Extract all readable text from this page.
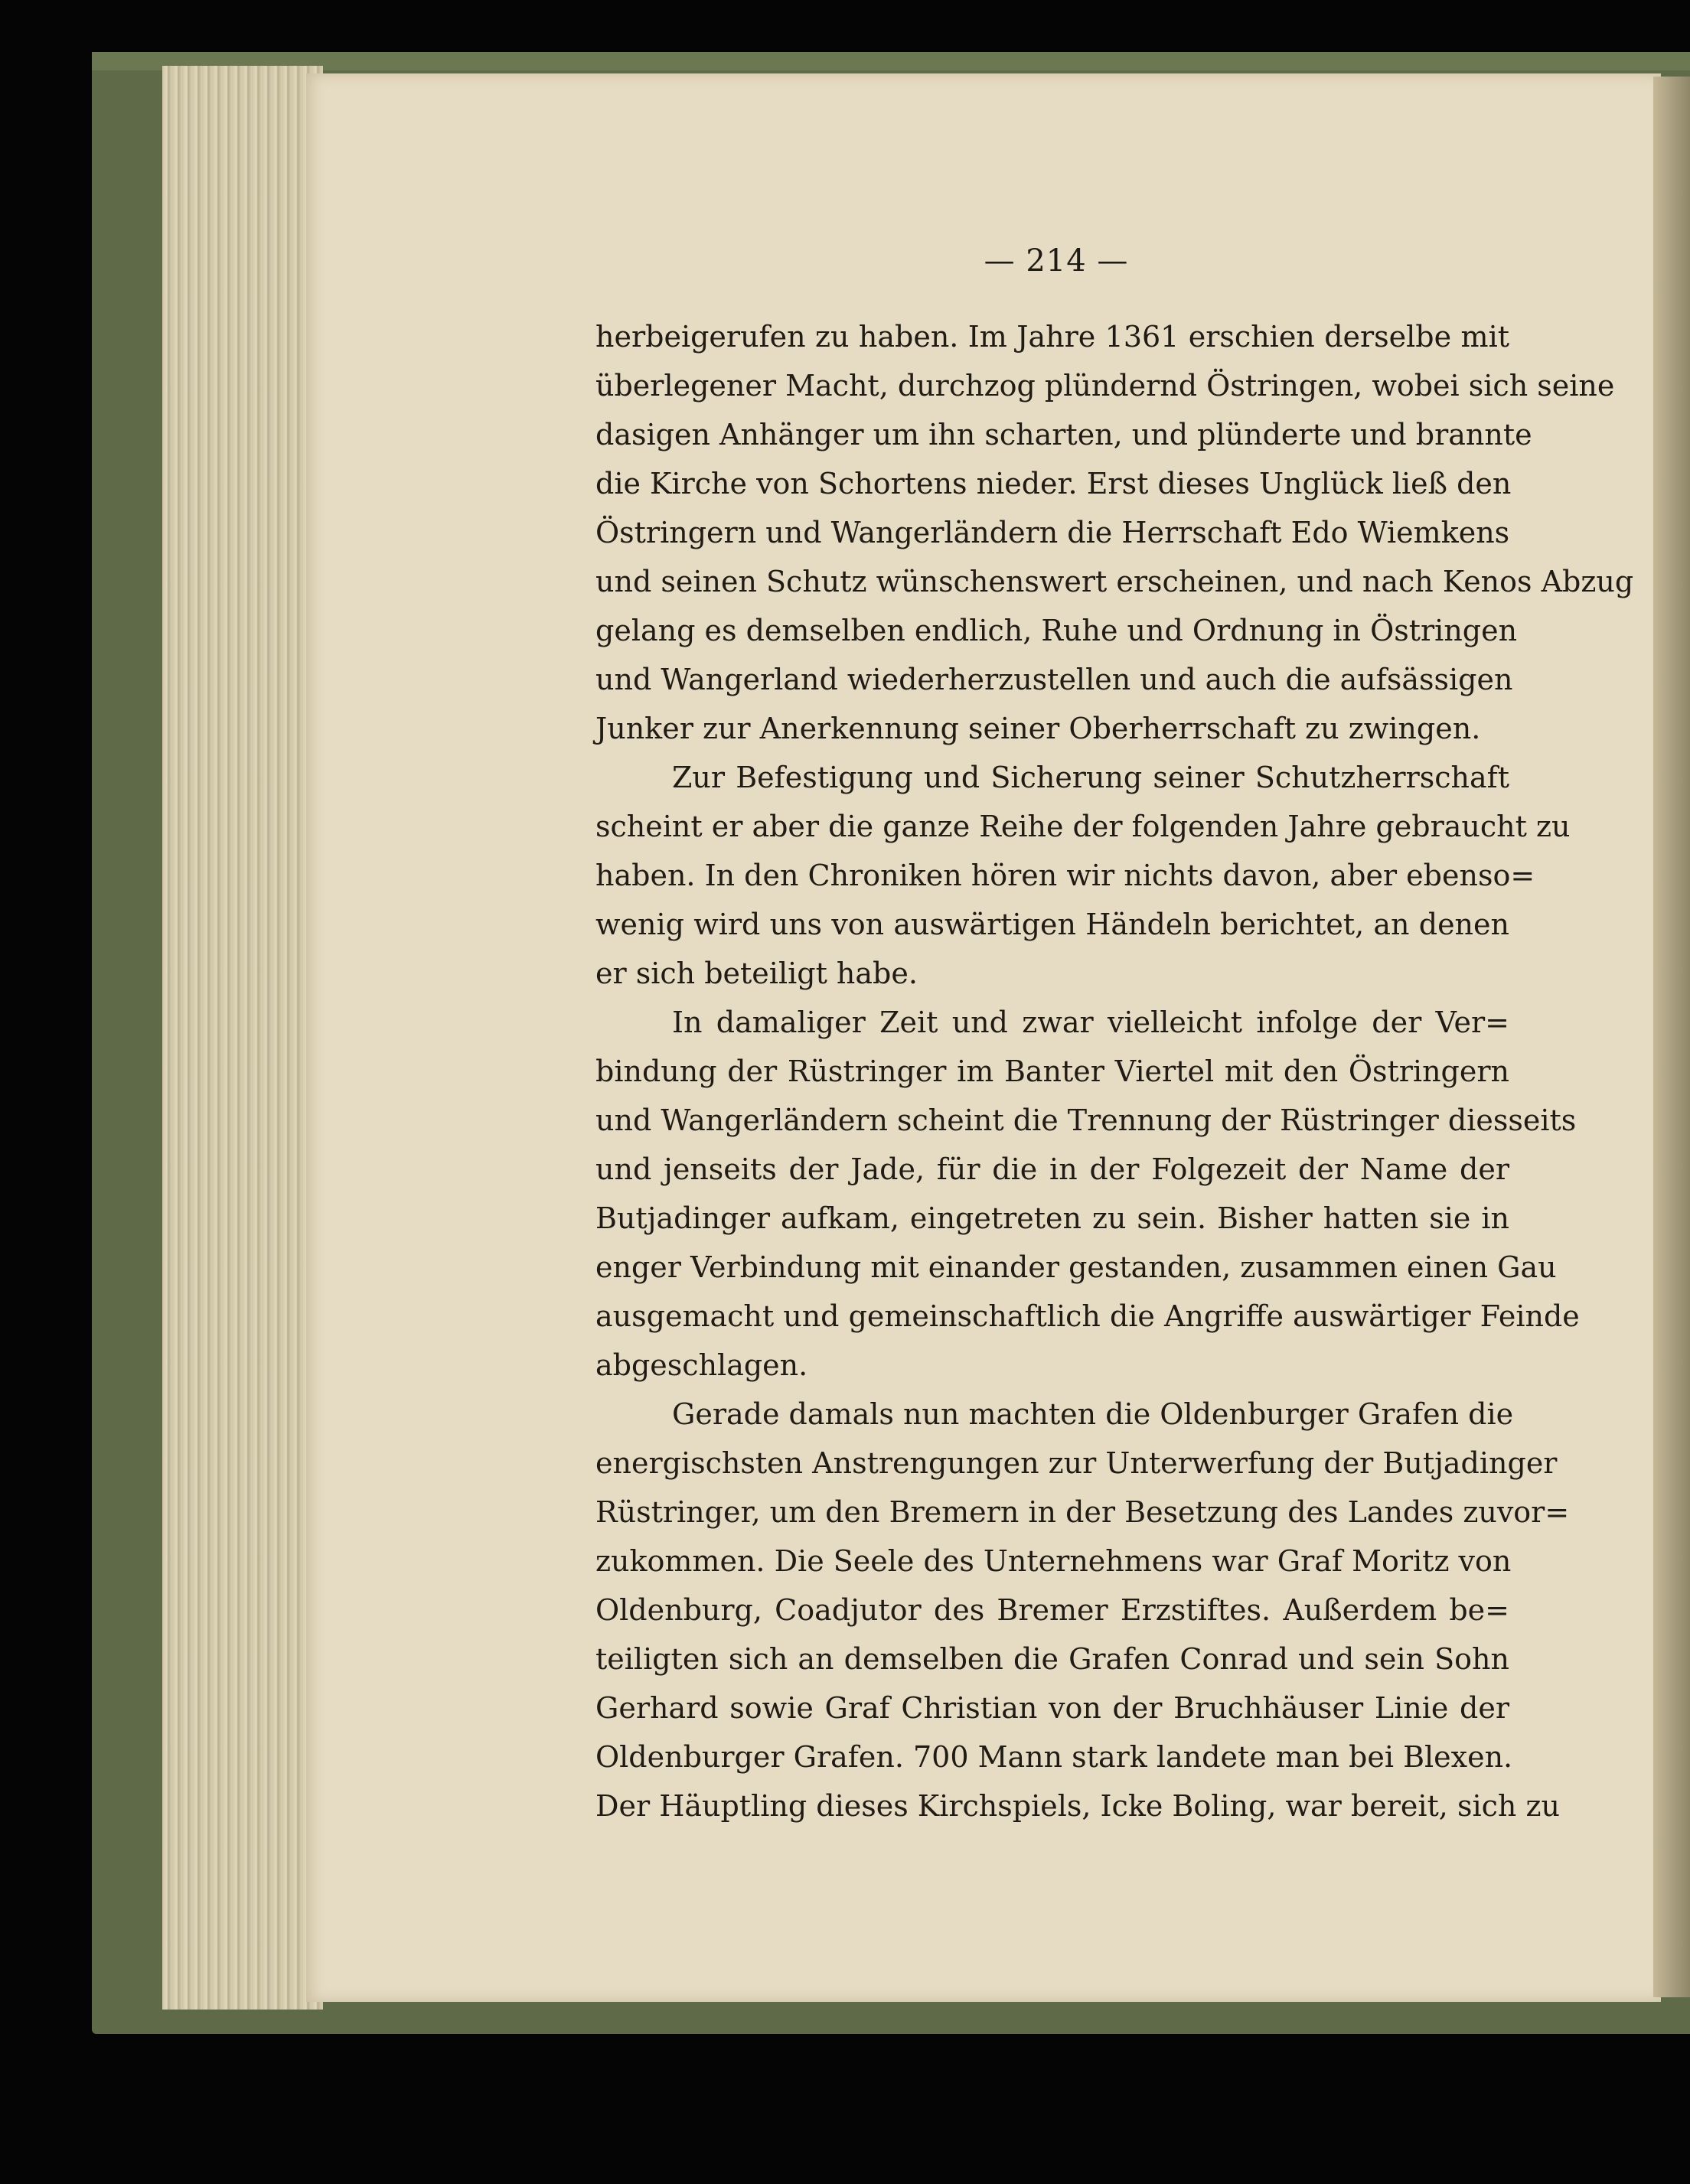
— 214 —
herbeigerufen zu haben. Im Jahre 1361 erschien derselbe mit
überlegener Macht, durchzog plündernd Östringen, wobei sich seine
dasigen Anhänger um ihn scharten, und plünderte und brannte
die Kirche von Schortens nieder. Erst dieses Unglück ließ den
Östringern und Wangerländern die Herrschaft Edo Wiemkens
und seinen Schutz wünschenswert erscheinen, und nach Kenos Abzug
gelang es demselben endlich, Ruhe und Ordnung in Östringen
und Wangerland wiederherzustellen und auch die aufsässigen
Junker zur Anerkennung seiner Oberherrschaft zu zwingen.
Zur Befestigung und Sicherung seiner Schutzherrschaft
scheint er aber die ganze Reihe der folgenden Jahre gebraucht zu
haben. In den Chroniken hören wir nichts davon, aber ebenso=
wenig wird uns von auswärtigen Händeln berichtet, an denen
er sich beteiligt habe.
In damaliger Zeit und zwar vielleicht infolge der Ver=
bindung der Rüstringer im Banter Viertel mit den Östringern
und Wangerländern scheint die Trennung der Rüstringer diesseits
und jenseits der Jade, für die in der Folgezeit der Name der
Butjadinger aufkam, eingetreten zu sein. Bisher hatten sie in
enger Verbindung mit einander gestanden, zusammen einen Gau
ausgemacht und gemeinschaftlich die Angriffe auswärtiger Feinde
abgeschlagen.
Gerade damals nun machten die Oldenburger Grafen die
energischsten Anstrengungen zur Unterwerfung der Butjadinger
Rüstringer, um den Bremern in der Besetzung des Landes zuvor=
zukommen. Die Seele des Unternehmens war Graf Moritz von
Oldenburg, Coadjutor des Bremer Erzstiftes. Außerdem be=
teiligten sich an demselben die Grafen Conrad und sein Sohn
Gerhard sowie Graf Christian von der Bruchhäuser Linie der
Oldenburger Grafen. 700 Mann stark landete man bei Blexen.
Der Häuptling dieses Kirchspiels, Icke Boling, war bereit, sich zu
